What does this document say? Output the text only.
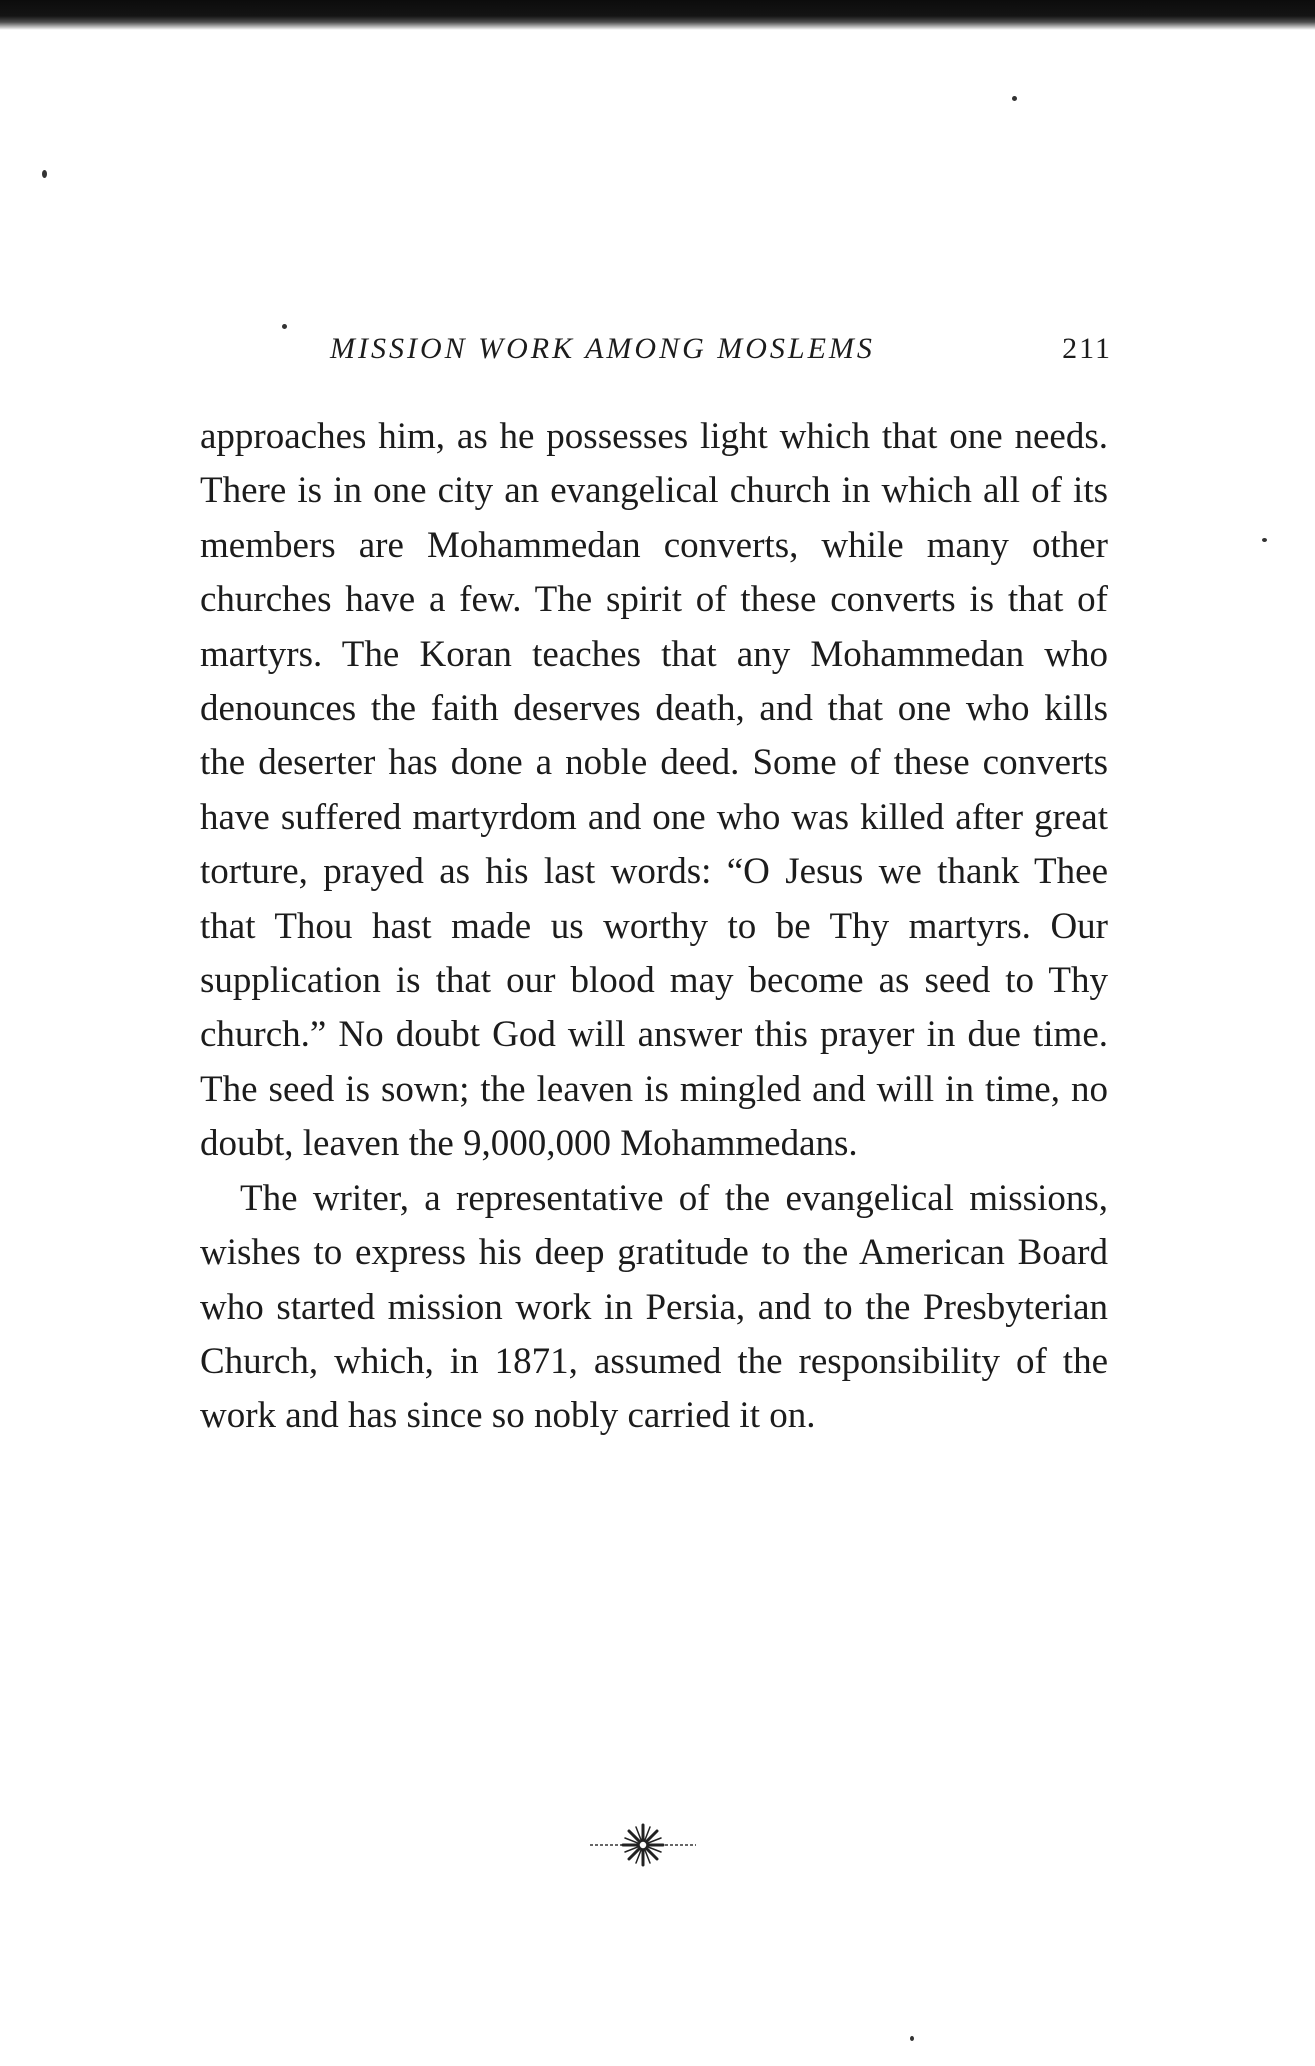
MISSION WORK AMONG MOSLEMS	211

approaches him, as he possesses light which that one needs. There is in one city an evangelical church in which all of its members are Mohammedan converts, while many other churches have a few. The spirit of these converts is that of martyrs. The Koran teaches that any Mohammedan who denounces the faith deserves death, and that one who kills the deserter has done a noble deed. Some of these converts have suffered martyrdom and one who was killed after great torture, prayed as his last words: “O Jesus we thank Thee that Thou hast made us worthy to be Thy martyrs. Our supplication is that our blood may become as seed to Thy church.” No doubt God will answer this prayer in due time. The seed is sown; the leaven is mingled and will in time, no doubt, leaven the 9,000,000 Mohammedans.

The writer, a representative of the evangelical missions, wishes to express his deep gratitude to the American Board who started mission work in Persia, and to the Presbyterian Church, which, in 1871, assumed the responsibility of the work and has since so nobly carried it on.
